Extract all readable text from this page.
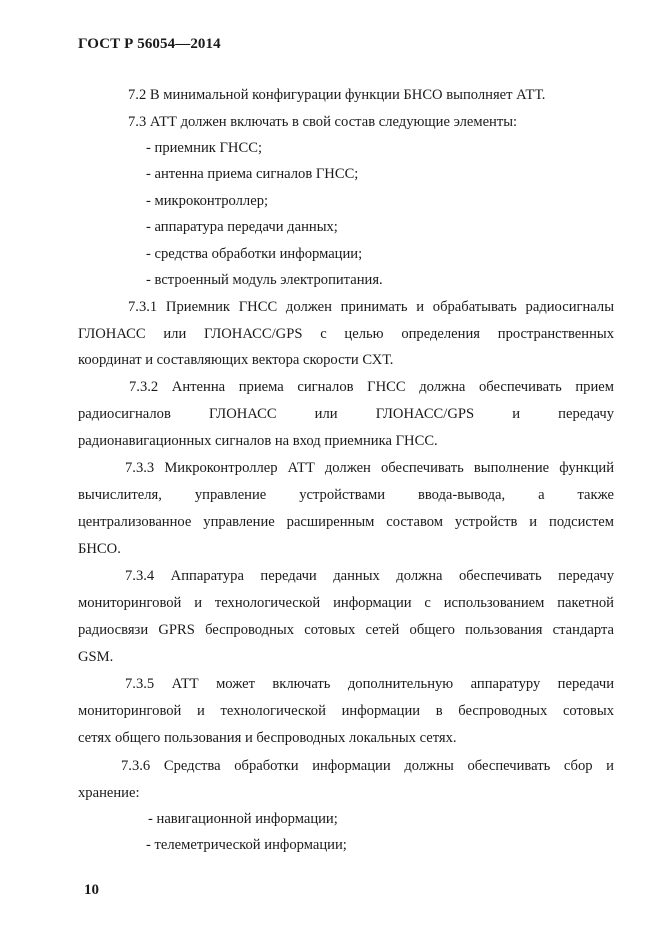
ГОСТ Р 56054—2014
7.2 В минимальной конфигурации функции БНСО выполняет АТТ.
7.3 АТТ должен включать в свой состав следующие элементы:
- приемник ГНСС;
- антенна приема сигналов ГНСС;
- микроконтроллер;
- аппаратура передачи данных;
- средства обработки информации;
- встроенный модуль электропитания.
7.3.1 Приемник ГНСС должен принимать и обрабатывать радиосигналы
ГЛОНАСС или ГЛОНАСС/GPS с целью определения пространственных
координат и составляющих вектора скорости СХТ.
7.3.2 Антенна приема сигналов ГНСС должна обеспечивать прием
радиосигналов ГЛОНАСС или ГЛОНАСС/GPS и передачу
радионавигационных сигналов на вход приемника ГНСС.
7.3.3 Микроконтроллер АТТ должен обеспечивать выполнение функций
вычислителя, управление устройствами ввода-вывода, а также
централизованное управление расширенным составом устройств и подсистем
БНСО.
7.3.4 Аппаратура передачи данных должна обеспечивать передачу
мониторинговой и технологической информации с использованием пакетной
радиосвязи GPRS беспроводных сотовых сетей общего пользования стандарта
GSM.
7.3.5 АТТ может включать дополнительную аппаратуру передачи
мониторинговой и технологической информации в беспроводных сотовых
сетях общего пользования и беспроводных локальных сетях.
7.3.6 Средства обработки информации должны обеспечивать сбор и
хранение:
- навигационной информации;
- телеметрической информации;
10
